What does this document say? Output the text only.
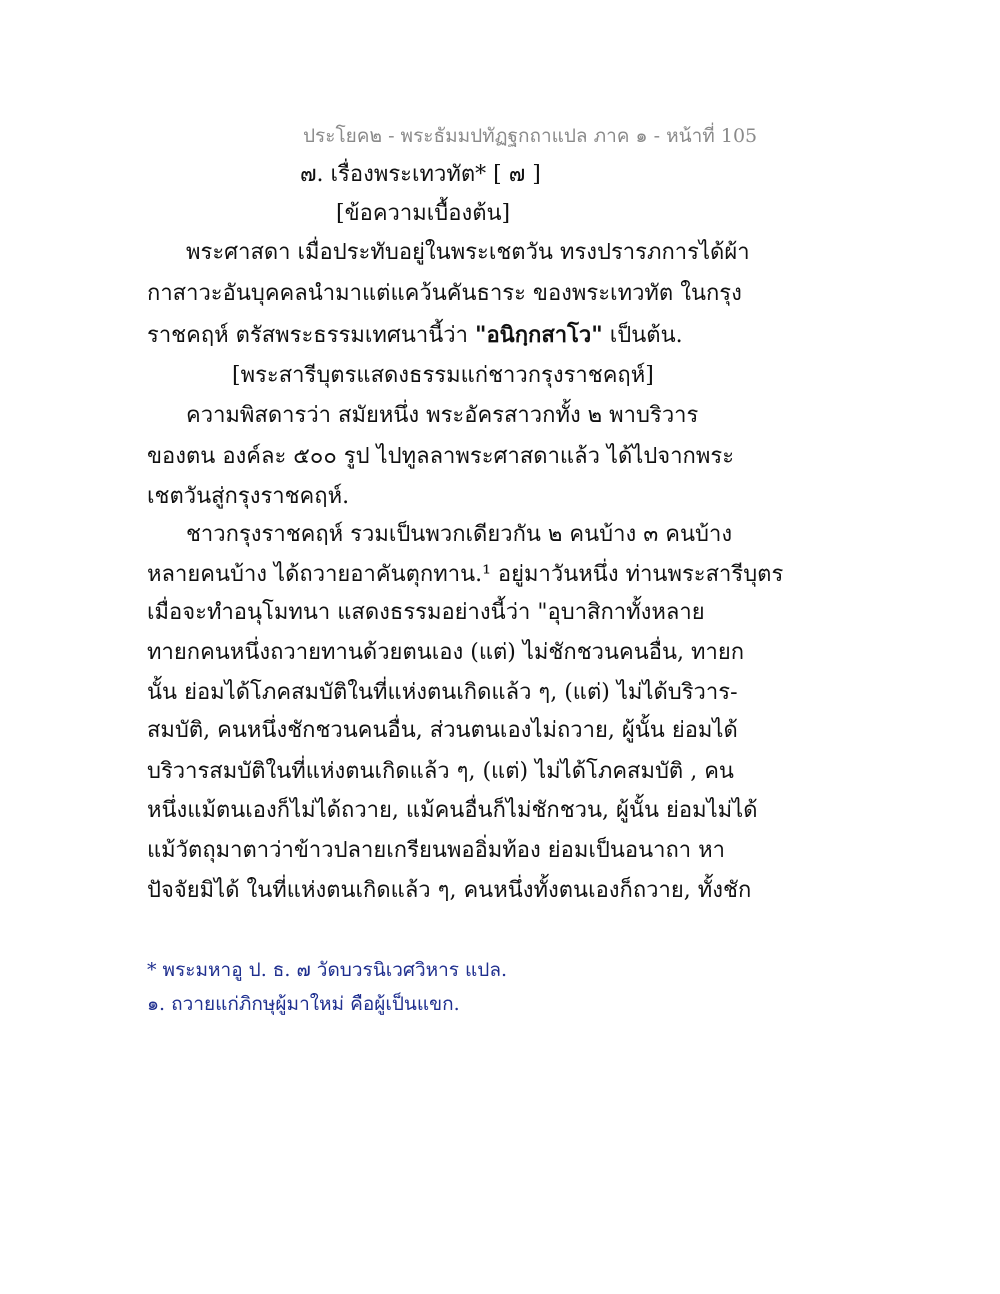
ประโยค๒ - พระธัมมปทัฏฐกถาแปล ภาค ๑ - หน้าที่ 105
๗. เรื่องพระเทวทัต* [ ๗ ]
[ข้อความเบื้องต้น]
พระศาสดา เมื่อประทับอยู่ในพระเชตวัน ทรงปรารภการได้ผ้า
กาสาวะอันบุคคลนำมาแต่แคว้นคันธาระ ของพระเทวทัต ในกรุง
ราชคฤห์ ตรัสพระธรรมเทศนานี้ว่า "อนิกฺกสาโว" เป็นต้น.
[พระสารีบุตรแสดงธรรมแก่ชาวกรุงราชคฤห์]
ความพิสดารว่า สมัยหนึ่ง พระอัครสาวกทั้ง ๒ พาบริวาร
ของตน องค์ละ ๕๐๐ รูป ไปทูลลาพระศาสดาแล้ว ได้ไปจากพระ
เชตวันสู่กรุงราชคฤห์.
ชาวกรุงราชคฤห์ รวมเป็นพวกเดียวกัน ๒ คนบ้าง ๓ คนบ้าง
หลายคนบ้าง ได้ถวายอาคันตุกทาน.¹ อยู่มาวันหนึ่ง ท่านพระสารีบุตร
เมื่อจะทำอนุโมทนา แสดงธรรมอย่างนี้ว่า "อุบาสิกาทั้งหลาย
ทายกคนหนึ่งถวายทานด้วยตนเอง (แต่) ไม่ชักชวนคนอื่น, ทายก
นั้น ย่อมได้โภคสมบัติในที่แห่งตนเกิดแล้ว ๆ, (แต่) ไม่ได้บริวาร-
สมบัติ, คนหนึ่งชักชวนคนอื่น, ส่วนตนเองไม่ถวาย, ผู้นั้น ย่อมได้
บริวารสมบัติในที่แห่งตนเกิดแล้ว ๆ, (แต่) ไม่ได้โภคสมบัติ , คน
หนึ่งแม้ตนเองก็ไม่ได้ถวาย, แม้คนอื่นก็ไม่ชักชวน, ผู้นั้น ย่อมไม่ได้
แม้วัตถุมาตาว่าข้าวปลายเกรียนพออิ่มท้อง ย่อมเป็นอนาถา หา
ปัจจัยมิได้ ในที่แห่งตนเกิดแล้ว ๆ, คนหนึ่งทั้งตนเองก็ถวาย, ทั้งชัก
* พระมหาอู ป. ธ. ๗ วัดบวรนิเวศวิหาร แปล.
๑. ถวายแก่ภิกษุผู้มาใหม่ คือผู้เป็นแขก.
